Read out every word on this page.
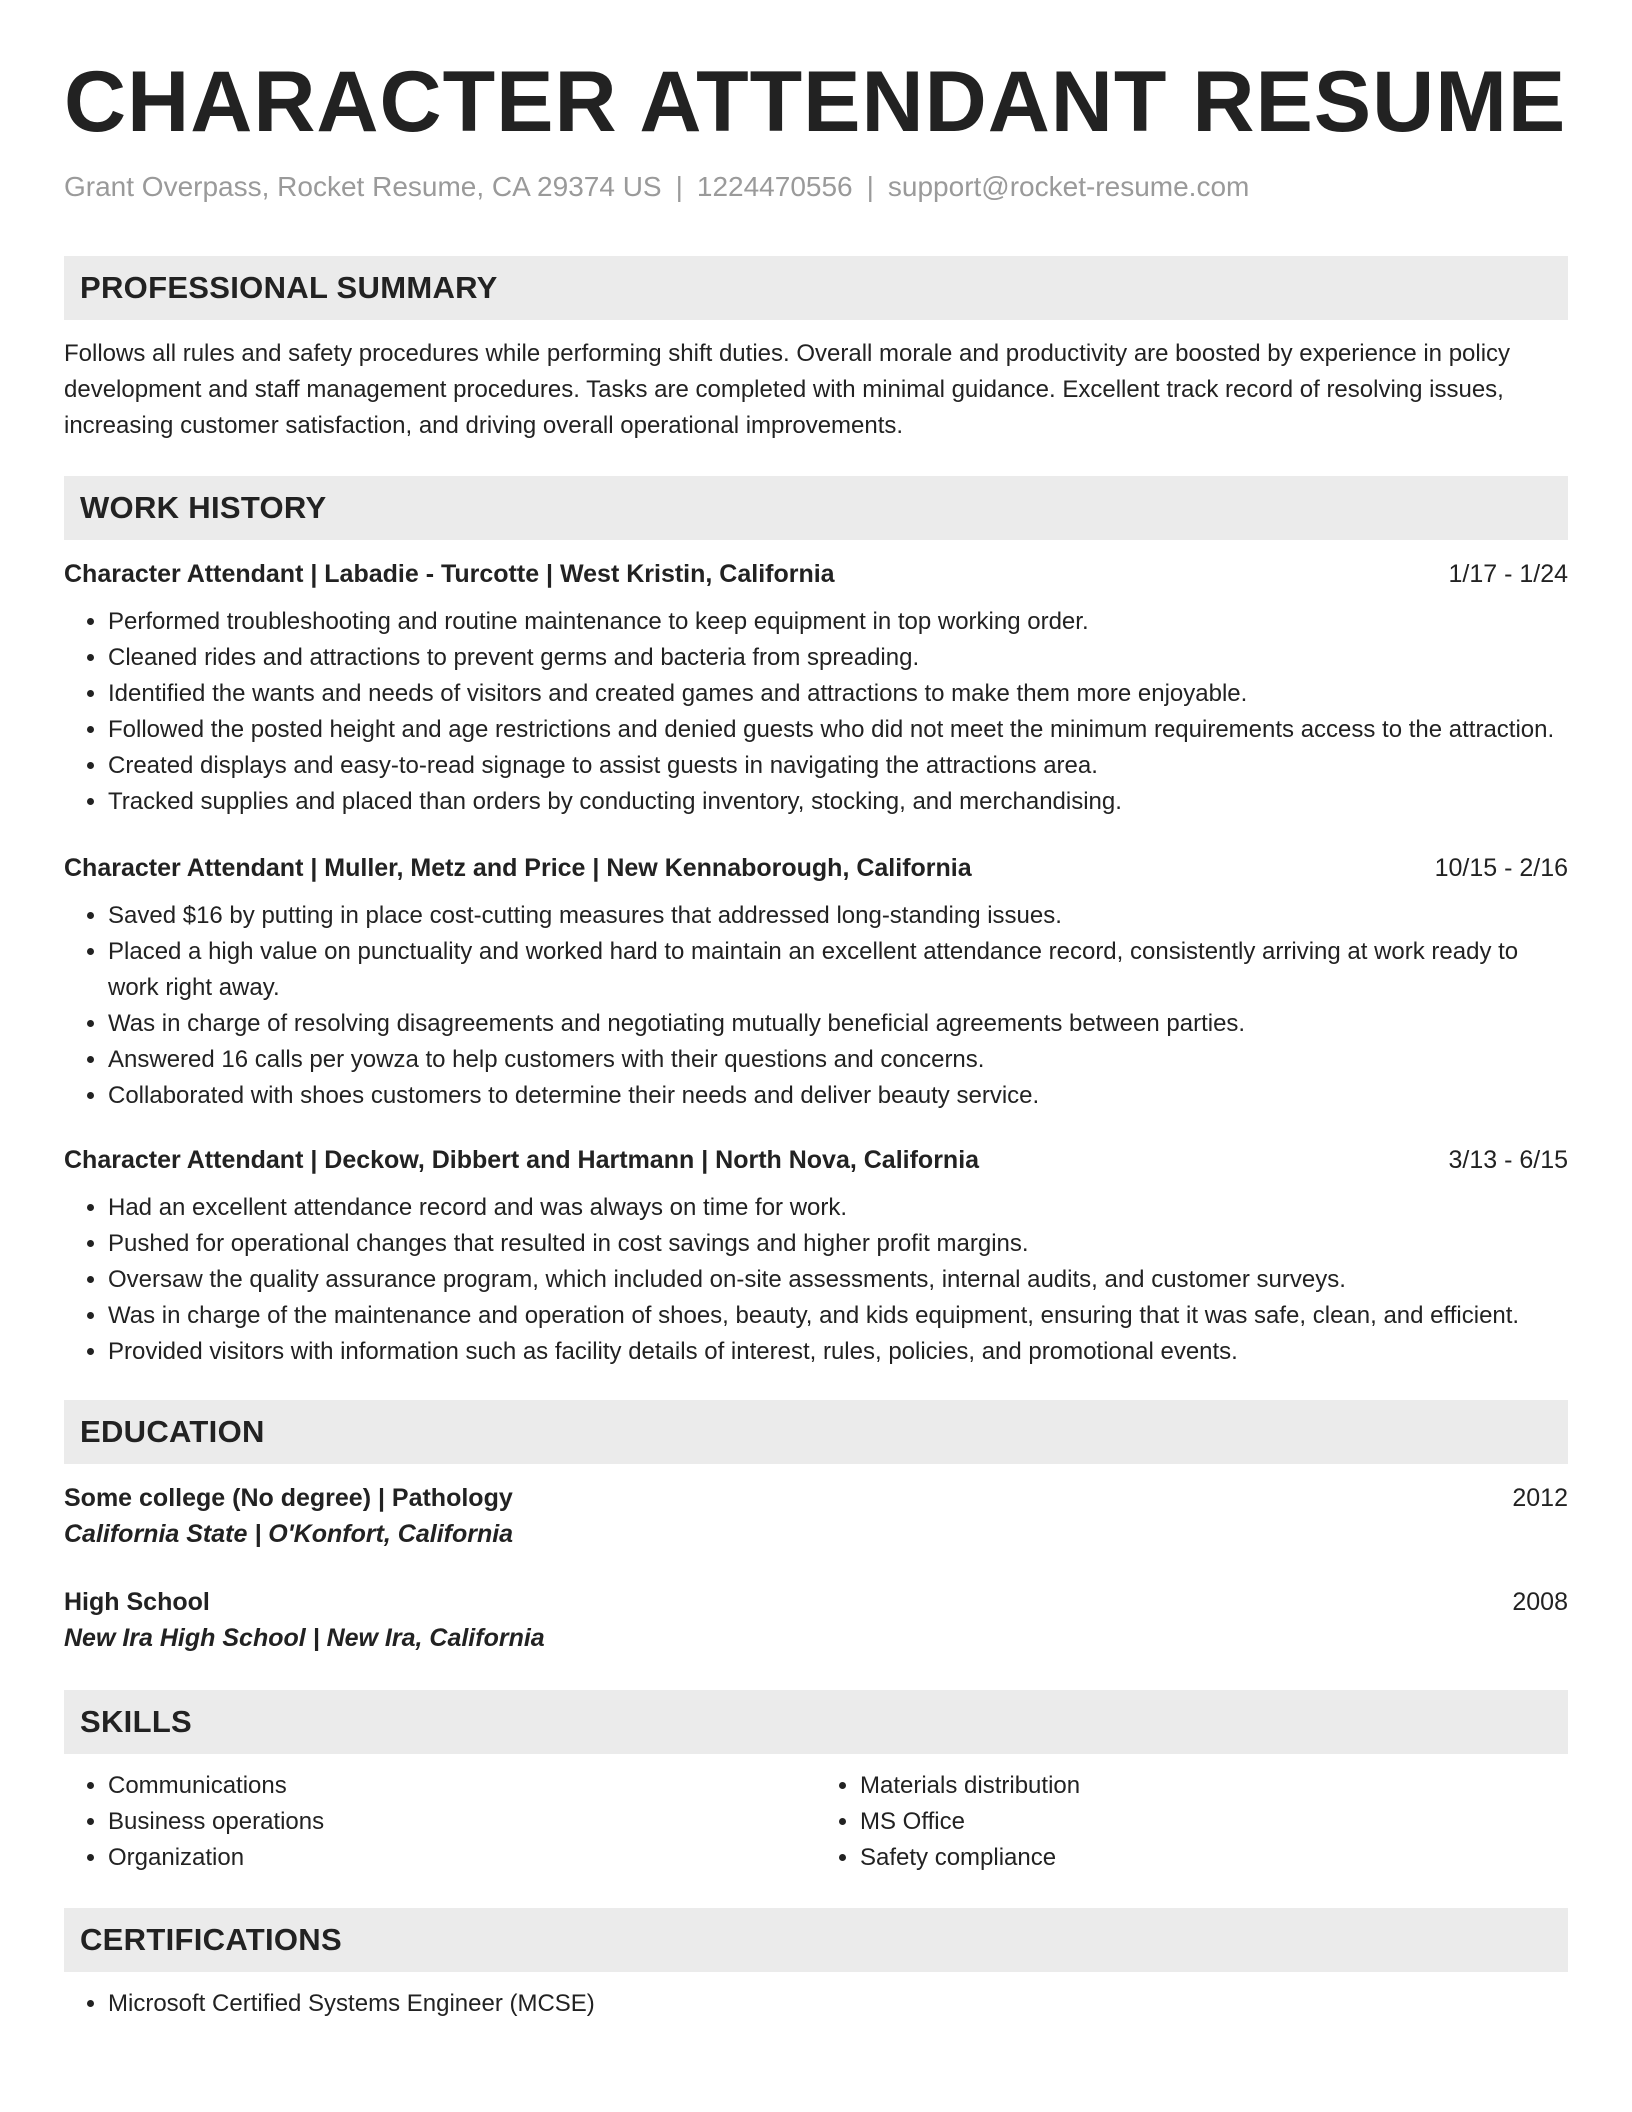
CHARACTER ATTENDANT RESUME
Grant Overpass, Rocket Resume, CA 29374 US | 1224470556 | support@rocket-resume.com
PROFESSIONAL SUMMARY

Follows all rules and safety procedures while performing shift duties. Overall morale and productivity are boosted by experience in policy development and staff management procedures. Tasks are completed with minimal guidance. Excellent track record of resolving issues, increasing customer satisfaction, and driving overall operational improvements.

WORK HISTORY
Character Attendant | Labadie - Turcotte | West Kristin, California	1/17 - 1/24
• Performed troubleshooting and routine maintenance to keep equipment in top working order.
• Cleaned rides and attractions to prevent germs and bacteria from spreading.
• Identified the wants and needs of visitors and created games and attractions to make them more enjoyable.
• Followed the posted height and age restrictions and denied guests who did not meet the minimum requirements access to the attraction.
• Created displays and easy-to-read signage to assist guests in navigating the attractions area.
• Tracked supplies and placed than orders by conducting inventory, stocking, and merchandising.
Character Attendant | Muller, Metz and Price | New Kennaborough, California	10/15 - 2/16
• Saved $16 by putting in place cost-cutting measures that addressed long-standing issues.
• Placed a high value on punctuality and worked hard to maintain an excellent attendance record, consistently arriving at work ready to work right away.
• Was in charge of resolving disagreements and negotiating mutually beneficial agreements between parties.
• Answered 16 calls per yowza to help customers with their questions and concerns.
• Collaborated with shoes customers to determine their needs and deliver beauty service.
Character Attendant | Deckow, Dibbert and Hartmann | North Nova, California	3/13 - 6/15
• Had an excellent attendance record and was always on time for work.
• Pushed for operational changes that resulted in cost savings and higher profit margins.
• Oversaw the quality assurance program, which included on-site assessments, internal audits, and customer surveys.
• Was in charge of the maintenance and operation of shoes, beauty, and kids equipment, ensuring that it was safe, clean, and efficient.
• Provided visitors with information such as facility details of interest, rules, policies, and promotional events.
EDUCATION
Some college (No degree) | Pathology	2012
California State | O'Konfort, California
High School	2008
New Ira High School | New Ira, California
SKILLS
• Communications
• Business operations
• Organization
• Materials distribution
• MS Office
• Safety compliance
CERTIFICATIONS
• Microsoft Certified Systems Engineer (MCSE)
